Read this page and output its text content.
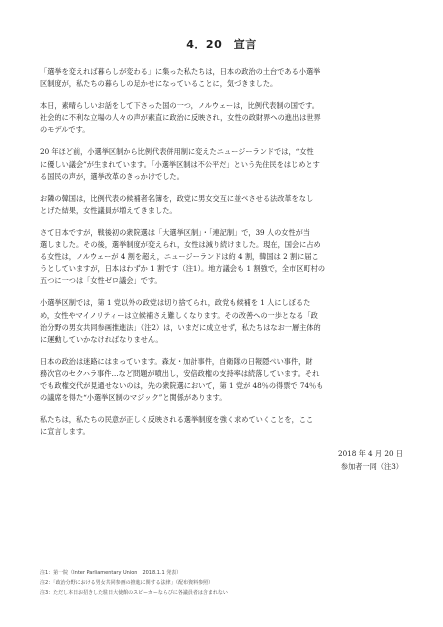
4．20　宣言

「選挙を変えれば暮らしが変わる」に集った私たちは，日本の政治の土台である小選挙

区制度が，私たちの暮らしの足かせになっていることに，気づきました。

本日，素晴らしいお話をして下さった国の一つ，ノルウェーは，比例代表制の国です。

社会的に不利な立場の人々の声が素直に政治に反映され，女性の政財界への進出は世界

のモデルです。

20 年ほど前，小選挙区制から比例代表併用制に変えたニュージーランドでは，“女性

に優しい議会”が生まれています。「小選挙区制は不公平だ」という先住民をはじめとす

る国民の声が，選挙改革のきっかけでした。

お隣の韓国は，比例代表の候補者名簿を，政党に男女交互に並べさせる法改革をなし

とげた結果，女性議員が増えてきました。

さて日本ですが，戦後初の衆院選は「大選挙区制」・「連記制」で，39 人の女性が当

選しました。その後，選挙制度が変えられ，女性は減り続けました。現在，国会に占め

る女性は，ノルウェーが 4 割を超え，ニュージーランドは約 4 割，韓国は 2 割に届こ

うとしていますが，日本はわずか 1 割です（注1）。地方議会も 1 割強で，全市区町村の

五つに一つは「女性ゼロ議会」です。

小選挙区制では，第 1 党以外の政党は切り捨てられ，政党も候補を 1 人にしぼるた

め，女性やマイノリティーは立候補さえ難しくなります。その改善への一歩となる「政

治分野の男女共同参画推進法」（注2）は，いまだに成立せず，私たちはなお一層主体的

に運動していかなければなりません。

日本の政治は迷路にはまっています。森友・加計事件，自衛隊の日報隠ぺい事件，財

務次官のセクハラ事件…など問題が噴出し，安倍政権の支持率は続落しています。それ

でも政権交代が見通せないのは，先の衆院選において，第 1 党が 48％の得票で 74％も

の議席を得た“小選挙区制のマジック”と関係があります。

私たちは，私たちの民意が正しく反映される選挙制度を強く求めていくことを，ここ

に宣言します。

2018 年 4 月 20 日
参加者一同（注3）
注1：第一院（Inter Parliamentary Union　2018.1.1 発表）
注2：「政治分野における男女共同参画の推進に関する法律」（配布資料参照）
注3：ただし本日お招きした駐日大使館のスピーカーならびに各議員者は含まれない
